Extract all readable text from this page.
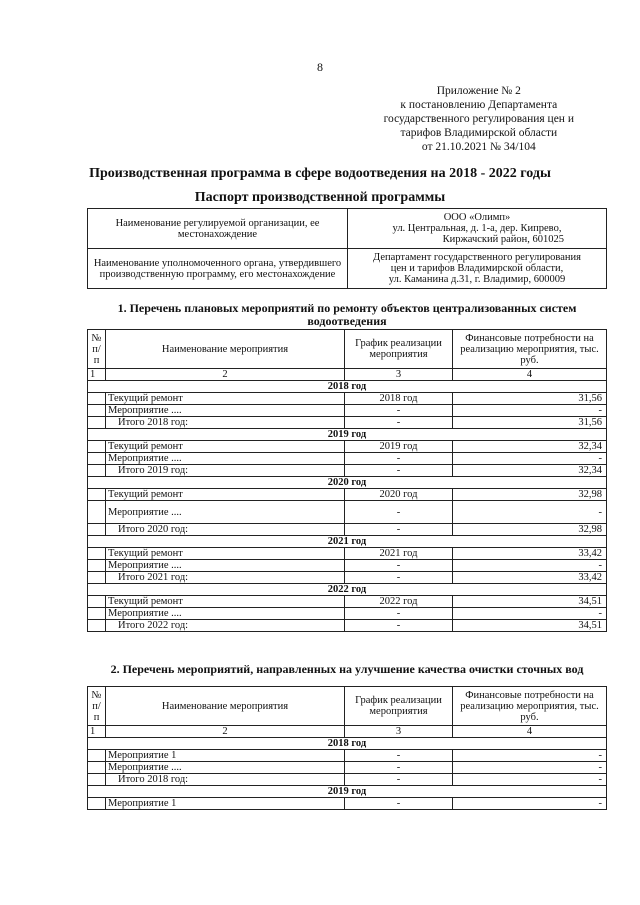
8
Приложение № 2
к постановлению Департамента
государственного регулирования цен и
тарифов Владимирской области
от 21.10.2021 № 34/104
Производственная программа в сфере водоотведения на 2018 - 2022 годы
Паспорт производственной программы
Наименование регулируемой организации, ее местонахождение	ООО «Олимп»
ул. Центральная, д. 1-а, дер. Кипрево,
Киржачский район, 601025

Наименование уполномоченного органа, утвердившего производственную программу, его местонахождение	Департамент государственного регулирования
цен и тарифов Владимирской области,
ул. Каманина д.31, г. Владимир, 600009
1. Перечень плановых мероприятий по ремонту объектов централизованных систем водоотведения
№ п/п	Наименование мероприятия	График реализации мероприятия	Финансовые потребности на реализацию мероприятия, тыс. руб.
1	2	3	4
2018 год			
	Текущий ремонт	2018 год	31,56
	Мероприятие ....	-	-
	Итого 2018 год:	-	31,56
2019 год			
	Текущий ремонт	2019 год	32,34
	Мероприятие ....	-	-
	Итого 2019 год:	-	32,34
2020 год			
	Текущий ремонт	2020 год	32,98
	Мероприятие ....	-	-
	Итого 2020 год:	-	32,98
2021 год			
	Текущий ремонт	2021 год	33,42
	Мероприятие ....	-	-
	Итого 2021 год:	-	33,42
2022 год			
	Текущий ремонт	2022 год	34,51
	Мероприятие ....	-	-
	Итого 2022 год:	-	34,51
2. Перечень мероприятий, направленных на улучшение качества очистки сточных вод
№ п/п	Наименование мероприятия	График реализации мероприятия	Финансовые потребности на реализацию мероприятия, тыс. руб.
1	2	3	4
2018 год			
	Мероприятие 1	-	-
	Мероприятие ....	-	-
	Итого 2018 год:	-	-
2019 год			
	Мероприятие 1	-	-
